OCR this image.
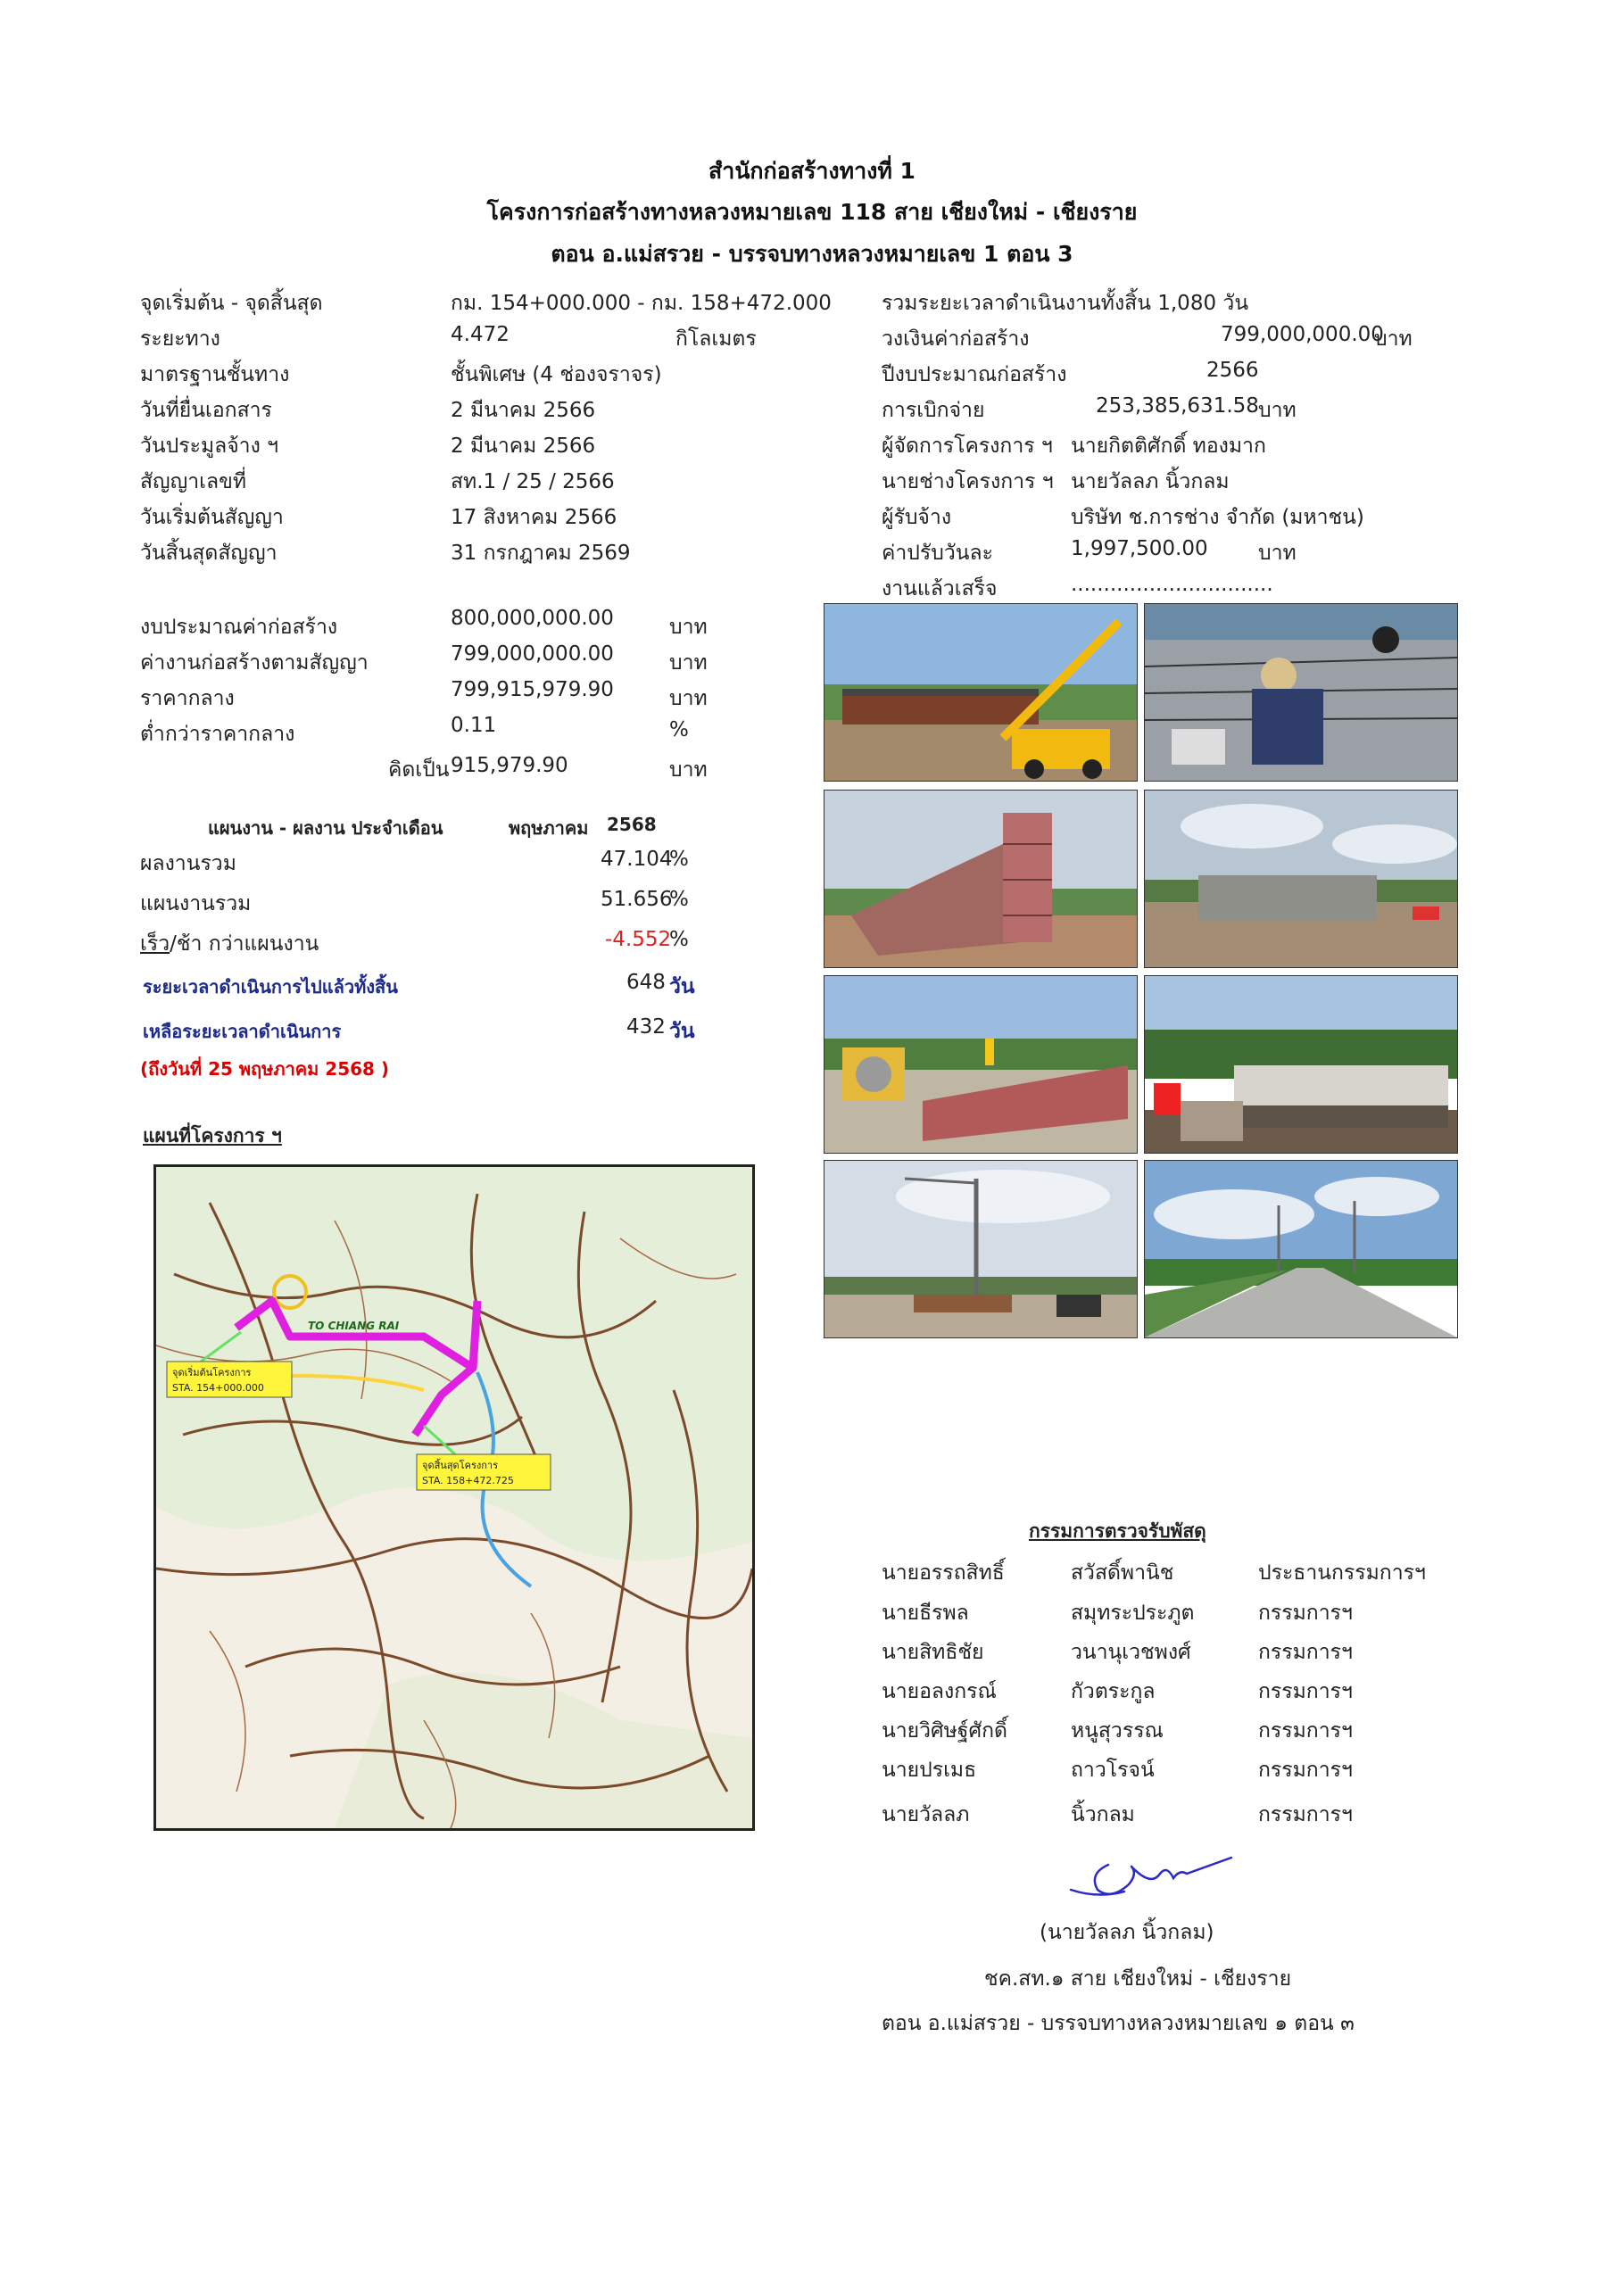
สำนักก่อสร้างทางที่ 1
โครงการก่อสร้างทางหลวงหมายเลข 118 สาย เชียงใหม่ - เชียงราย
ตอน อ.แม่สรวย - บรรจบทางหลวงหมายเลข 1 ตอน 3
จุดเริ่มต้น - จุดสิ้นสุด	กม. 154+000.000 - กม. 158+472.000
ระยะทาง	4.472	กิโลเมตร
มาตรฐานชั้นทาง	ชั้นพิเศษ (4 ช่องจราจร)
วันที่ยื่นเอกสาร	2 มีนาคม 2566
วันประมูลจ้าง ฯ	2 มีนาคม 2566
สัญญาเลขที่	สท.1 / 25 / 2566
วันเริ่มต้นสัญญา	17 สิงหาคม 2566
วันสิ้นสุดสัญญา	31 กรกฎาคม 2569
รวมระยะเวลาดำเนินงานทั้งสิ้น 1,080 วัน
วงเงินค่าก่อสร้าง	799,000,000.00
บาท
ปีงบประมาณก่อสร้าง	2566
การเบิกจ่าย	253,385,631.58 บาท
ผู้จัดการโครงการ ฯ นายกิตติศักดิ์ ทองมาก
นายช่างโครงการ ฯ นายวัลลภ นิ้วกลม
ผู้รับจ้าง	บริษัท ช.การช่าง จำกัด (มหาชน)
ค่าปรับวันละ	1,997,500.00 บาท
งานแล้วเสร็จ	...............................
งบประมาณค่าก่อสร้าง	800,000,000.00	บาท
ค่างานก่อสร้างตามสัญญา	799,000,000.00	บาท
ราคากลาง	799,915,979.90	บาท
ต่ำกว่าราคากลาง	0.11	%
คิดเป็น 915,979.90	บาท
แผนงาน - ผลงาน ประจำเดือน	พฤษภาคม 2568
ผลงานรวม	47.104
%
แผนงานรวม	51.656
%
เร็ว/ช้า กว่าแผนงาน	-4.552
%
ระยะเวลาดำเนินการไปแล้วทั้งสิ้น	648 วัน
เหลือระยะเวลาดำเนินการ	432 วัน
(ถึงวันที่ 25 พฤษภาคม 2568 )
แผนที่โครงการ ฯ
TO CHIANG RAI
จุดเริ่มต้นโครงการ
STA. 154+000.000
จุดสิ้นสุดโครงการ
STA. 158+472.725
กรรมการตรวจรับพัสดุ
นายอรรถสิทธิ์	สวัสดิ์พานิช	ประธานกรรมการฯ
นายธีรพล	สมุทระประภูต	กรรมการฯ
นายสิทธิชัย	วนานุเวชพงศ์	กรรมการฯ
นายอลงกรณ์	กัวตระกูล	กรรมการฯ
นายวิศิษฐ์ศักดิ์	หนูสุวรรณ	กรรมการฯ
นายปรเมธ	ถาวโรจน์	กรรมการฯ
นายวัลลภ	นิ้วกลม	กรรมการฯ
(นายวัลลภ นิ้วกลม)
ชค.สท.๑ สาย เชียงใหม่ - เชียงราย
ตอน อ.แม่สรวย - บรรจบทางหลวงหมายเลข ๑ ตอน ๓
